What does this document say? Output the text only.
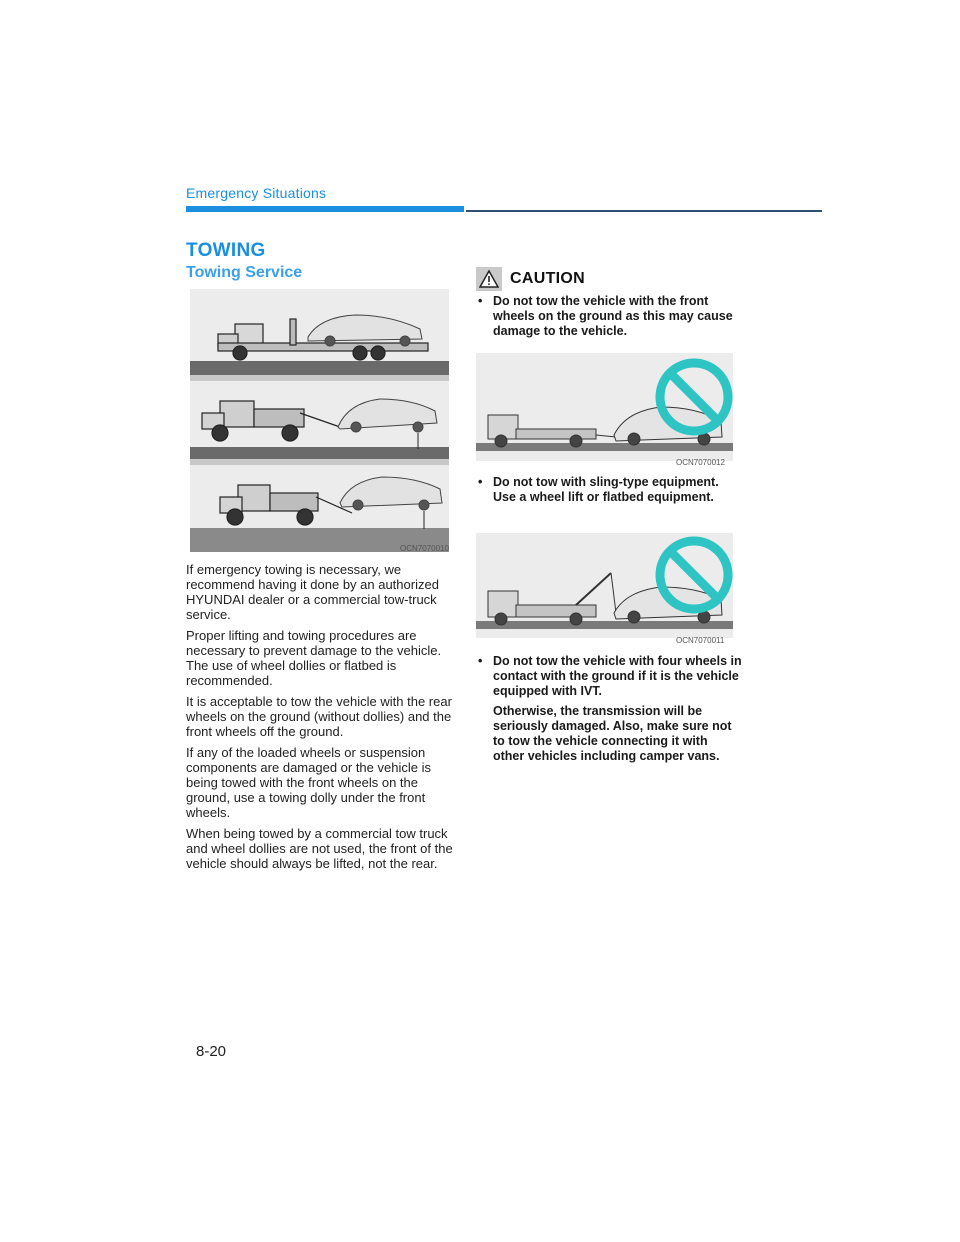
Emergency Situations
TOWING
Towing Service
OCN7070010

If emergency towing is necessary, we recommend having it done by an authorized HYUNDAI dealer or a commercial tow-truck service.

Proper lifting and towing procedures are necessary to prevent damage to the vehicle. The use of wheel dollies or flatbed is recommended.

It is acceptable to tow the vehicle with the rear wheels on the ground (without dollies) and the front wheels off the ground.

If any of the loaded wheels or suspension components are damaged or the vehicle is being towed with the front wheels on the ground, use a towing dolly under the front wheels.

When being towed by a commercial tow truck and wheel dollies are not used, the front of the vehicle should always be lifted, not the rear.

CAUTION
• Do not tow the vehicle with the front wheels on the ground as this may cause damage to the vehicle.

OCN7070012
• Do not tow with sling-type equipment. Use a wheel lift or flatbed equipment.

OCN7070011
• Do not tow the vehicle with four wheels in contact with the ground if it is the vehicle equipped with IVT.

Otherwise, the transmission will be seriously damaged. Also, make sure not to tow the vehicle connecting it with other vehicles including camper vans.

8-20
